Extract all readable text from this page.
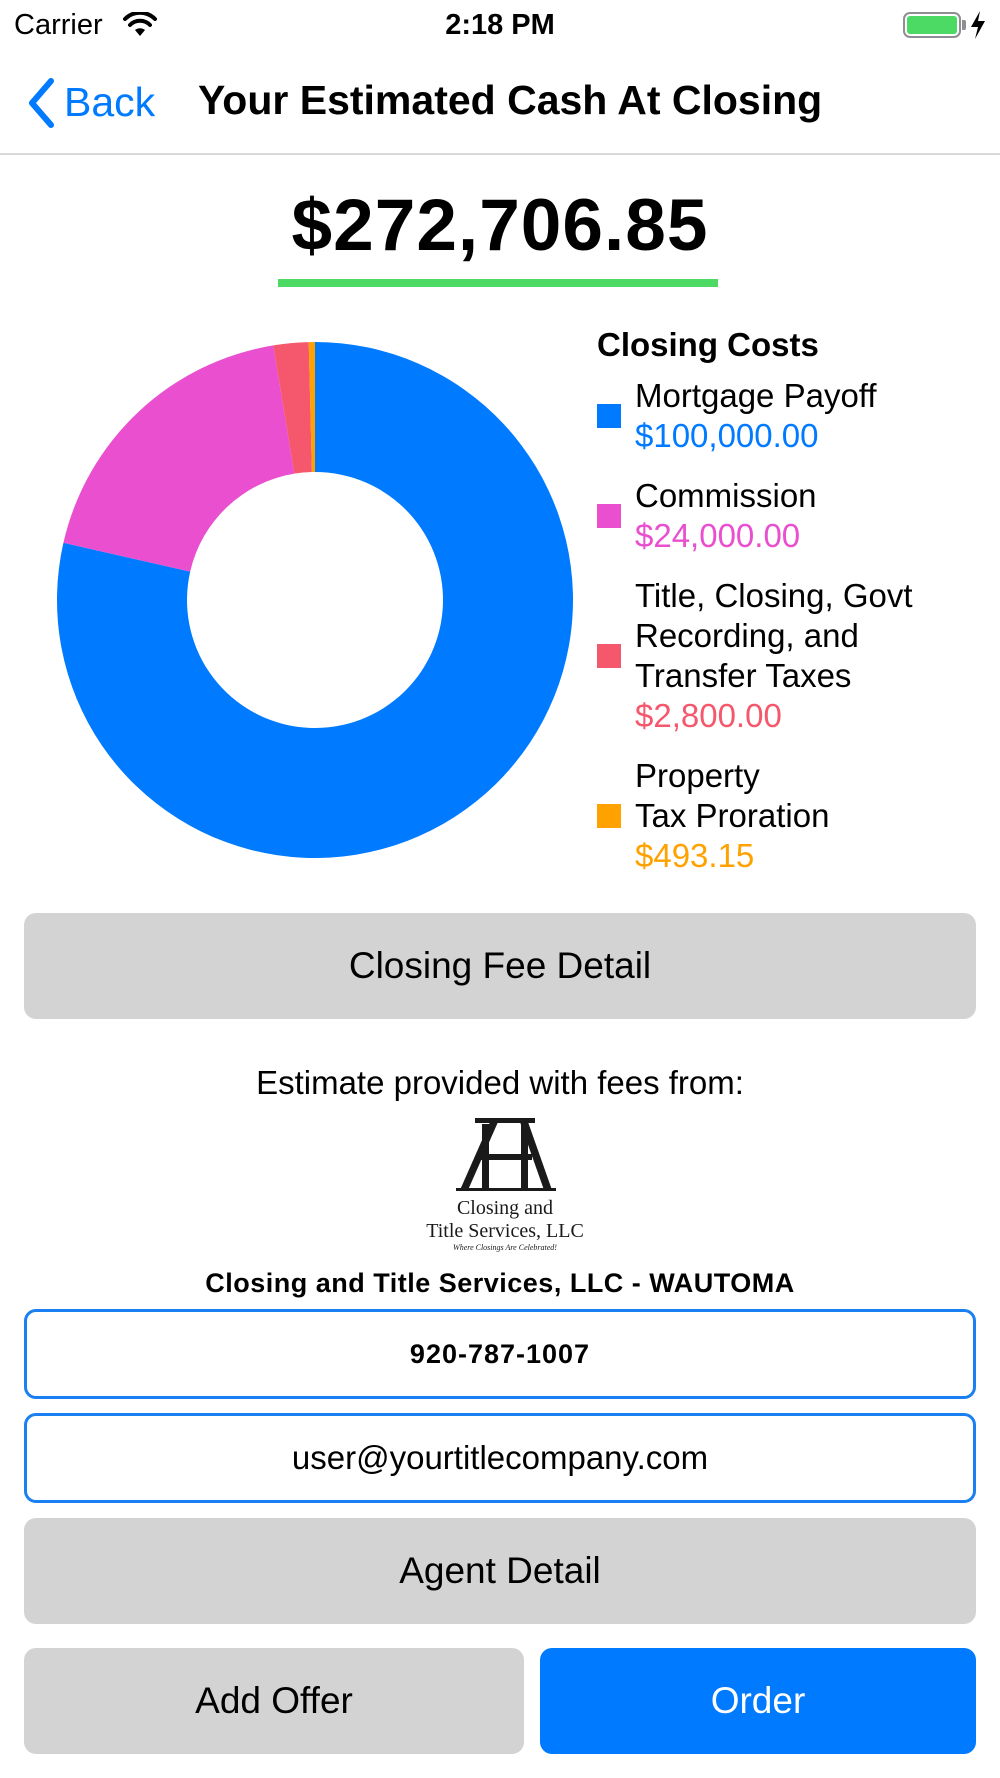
Carrier	2:18 PM
Back Your Estimated Cash At Closing
$272,706.85
Closing Costs
Mortgage Payoff
$100,000.00
Commission
$24,000.00
Title, Closing, Govt
Recording, and
Transfer Taxes
$2,800.00
Property
Tax Proration
$493.15
Closing Fee Detail
Estimate provided with fees from:
Closing and
Title Services, LLC
Where Closings Are Celebrated!
Closing and Title Services, LLC - WAUTOMA
920-787-1007
user@yourtitlecompany.com
Agent Detail
Add Offer	Order
